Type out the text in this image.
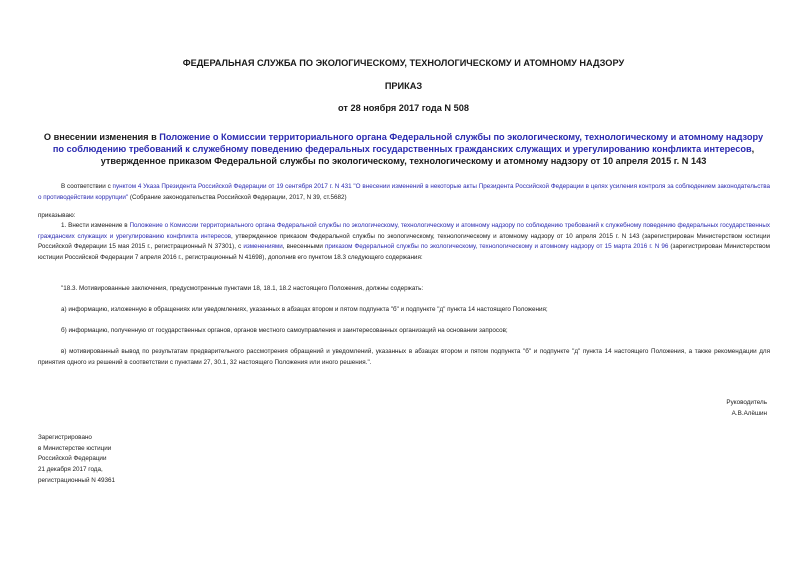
ФЕДЕРАЛЬНАЯ СЛУЖБА ПО ЭКОЛОГИЧЕСКОМУ, ТЕХНОЛОГИЧЕСКОМУ И АТОМНОМУ НАДЗОРУ
ПРИКАЗ
от 28 ноября 2017 года N 508
О внесении изменения в Положение о Комиссии территориального органа Федеральной службы по экологическому, технологическому и атомному надзору по соблюдению требований к служебному поведению федеральных государственных гражданских служащих и урегулированию конфликта интересов, утвержденное приказом Федеральной службы по экологическому, технологическому и атомному надзору от 10 апреля 2015 г. N 143
В соответствии с пунктом 4 Указа Президента Российской Федерации от 19 сентября 2017 г. N 431 "О внесении изменений в некоторые акты Президента Российской Федерации в целях усиления контроля за соблюдением законодательства о противодействии коррупции" (Собрание законодательства Российской Федерации, 2017, N 39, ст.5682)
приказываю:
1. Внести изменение в Положение о Комиссии территориального органа Федеральной службы по экологическому, технологическому и атомному надзору по соблюдению требований к служебному поведению федеральных государственных гражданских служащих и урегулированию конфликта интересов, утвержденное приказом Федеральной службы по экологическому, технологическому и атомному надзору от 10 апреля 2015 г. N 143 (зарегистрирован Министерством юстиции Российской Федерации 15 мая 2015 г., регистрационный N 37301), с изменениями, внесенными приказом Федеральной службы по экологическому, технологическому и атомному надзору от 15 марта 2016 г. N 96 (зарегистрирован Министерством юстиции Российской Федерации 7 апреля 2016 г., регистрационный N 41698), дополнив его пунктом 18.3 следующего содержания:
"18.3. Мотивированные заключения, предусмотренные пунктами 18, 18.1, 18.2 настоящего Положения, должны содержать:
а) информацию, изложенную в обращениях или уведомлениях, указанных в абзацах втором и пятом подпункта "б" и подпункте "д" пункта 14 настоящего Положения;
б) информацию, полученную от государственных органов, органов местного самоуправления и заинтересованных организаций на основании запросов;
в) мотивированный вывод по результатам предварительного рассмотрения обращений и уведомлений, указанных в абзацах втором и пятом подпункта "б" и подпункте "д" пункта 14 настоящего Положения, а также рекомендации для принятия одного из решений в соответствии с пунктами 27, 30.1, 32 настоящего Положения или иного решения.".
Руководитель
А.В.Алёшин
Зарегистрировано
в Министерстве юстиции
Российской Федерации
21 декабря 2017 года,
регистрационный N 49361
